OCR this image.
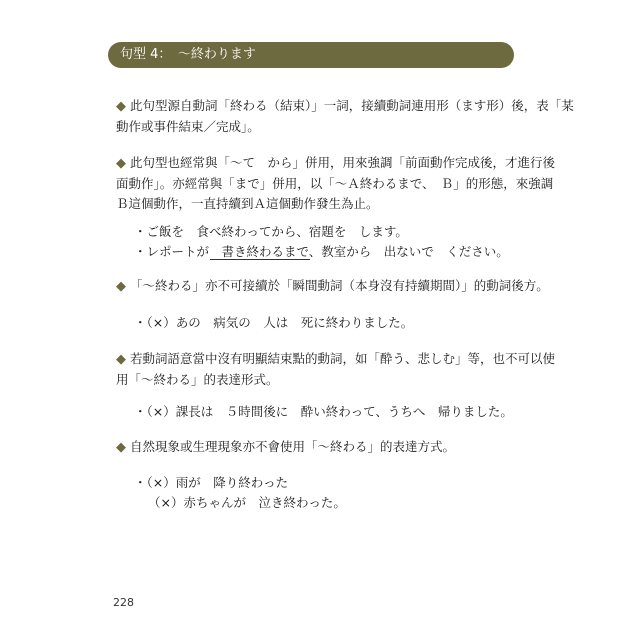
句型 4：　～終わります
◆ 此句型源自動詞「終わる（結束）」一詞，接續動詞連用形（ます形）後，表「某
動作或事件結束／完成」。
◆ 此句型也經常與「～て　から」併用，用來強調「前面動作完成後，才進行後
面動作」。亦經常與「まで」併用，以「～Ａ終わるまで、　Ｂ」的形態，來強調
Ｂ這個動作，一直持續到Ａ這個動作發生為止。
・ご飯を　食べ終わってから、宿題を　します。
・レポートが　書き終わるまで、教室から　出ないで　ください。
◆ 「～終わる」亦不可接續於「瞬間動詞（本身沒有持續期間）」的動詞後方。
・（×）あの　病気の　人は　死に終わりました。
◆ 若動詞語意當中沒有明顯結束點的動詞，如「酔う、悲しむ」等，也不可以使
用「～終わる」的表達形式。
・（×）課長は　５時間後に　酔い終わって、うちへ　帰りました。
◆ 自然現象或生理現象亦不會使用「～終わる」的表達方式。
・（×）雨が　降り終わった
（×）赤ちゃんが　泣き終わった。
228
